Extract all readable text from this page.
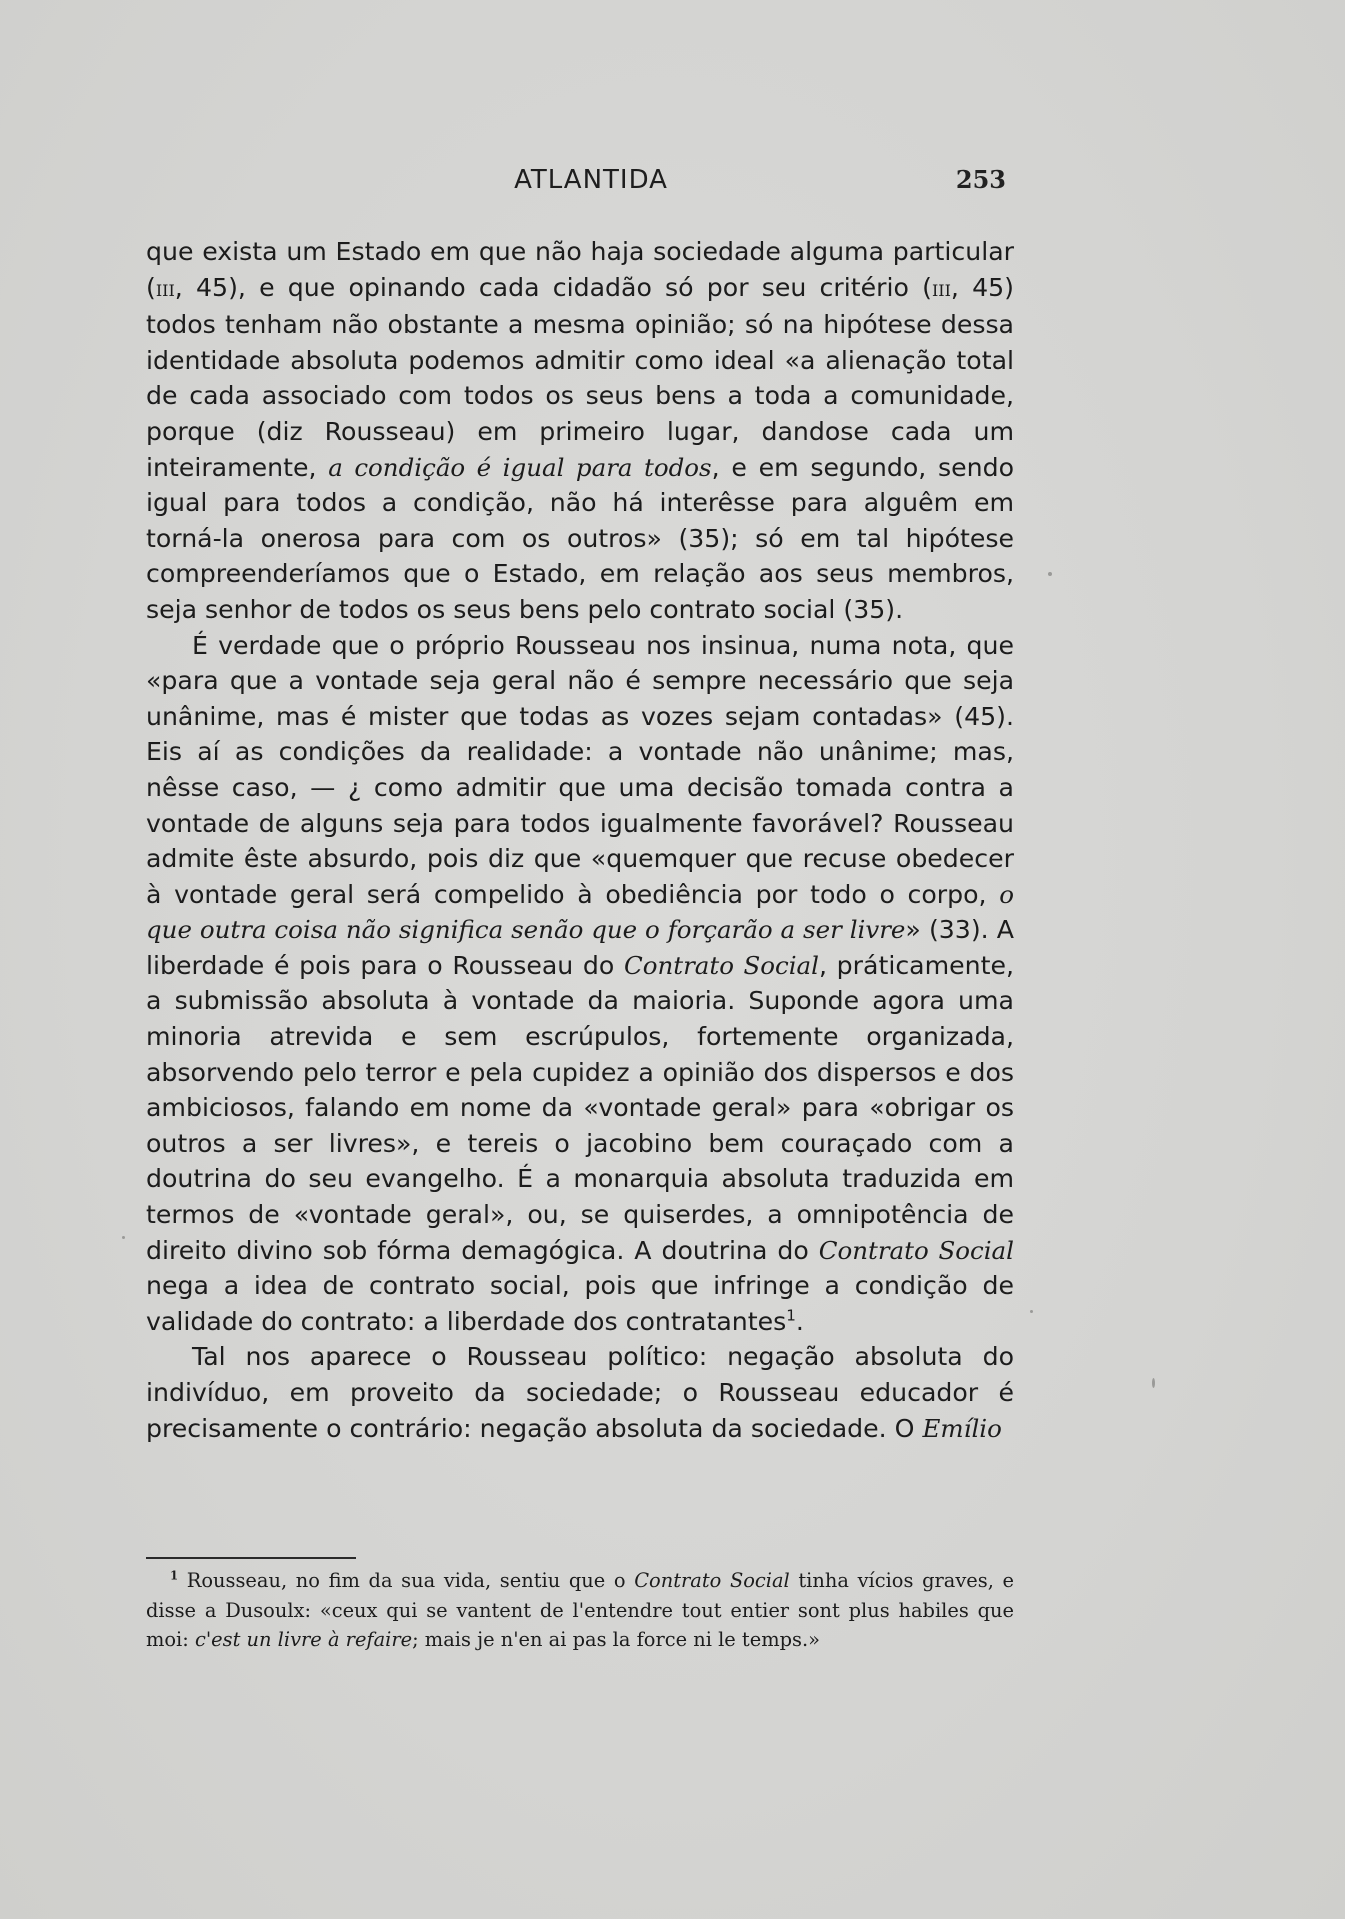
ATLANTIDA	253

que exista um Estado em que não haja sociedade alguma particular (iii, 45), e que opinando cada cidadão só por seu critério (iii, 45) todos tenham não obstante a mesma opinião; só na hipótese dessa identidade absoluta podemos admitir como ideal «a alienação total de cada associado com todos os seus bens a toda a comunidade, porque (diz Rousseau) em primeiro lugar, dandose cada um inteiramente, a condição é igual para todos, e em segundo, sendo igual para todos a condição, não há interêsse para alguêm em torná-la onerosa para com os outros» (35); só em tal hipótese compreenderíamos que o Estado, em relação aos seus membros, seja senhor de todos os seus bens pelo contrato social (35).

É verdade que o próprio Rousseau nos insinua, numa nota, que «para que a vontade seja geral não é sempre necessário que seja unânime, mas é mister que todas as vozes sejam contadas» (45). Eis aí as condições da realidade: a vontade não unânime; mas, nêsse caso, — ¿ como admitir que uma decisão tomada contra a vontade de alguns seja para todos igualmente favorável? Rousseau admite êste absurdo, pois diz que «quemquer que recuse obedecer à vontade geral será compelido à obediência por todo o corpo, o que outra coisa não significa senão que o forçarão a ser livre» (33). A liberdade é pois para o Rousseau do Contrato Social, práticamente, a submissão absoluta à vontade da maioria. Suponde agora uma minoria atrevida e sem escrúpulos, fortemente organizada, absorvendo pelo terror e pela cupidez a opinião dos dispersos e dos ambiciosos, falando em nome da «vontade geral» para «obrigar os outros a ser livres», e tereis o jacobino bem couraçado com a doutrina do seu evangelho. É a monarquia absoluta traduzida em termos de «vontade geral», ou, se quiserdes, a omnipotência de direito divino sob fórma demagógica. A doutrina do Contrato Social nega a idea de contrato social, pois que infringe a condição de validade do contrato: a liberdade dos contratantes$^1$.

Tal nos aparece o Rousseau político: negação absoluta do indivíduo, em proveito da sociedade; o Rousseau educador é precisamente o contrário: negação absoluta da sociedade. O Emílio

$^1$ Rousseau, no fim da sua vida, sentiu que o Contrato Social tinha vícios graves, e disse a Dusoulx: «ceux qui se vantent de l'entendre tout entier sont plus habiles que moi: c'est un livre à refaire; mais je n'en ai pas la force ni le temps.»
